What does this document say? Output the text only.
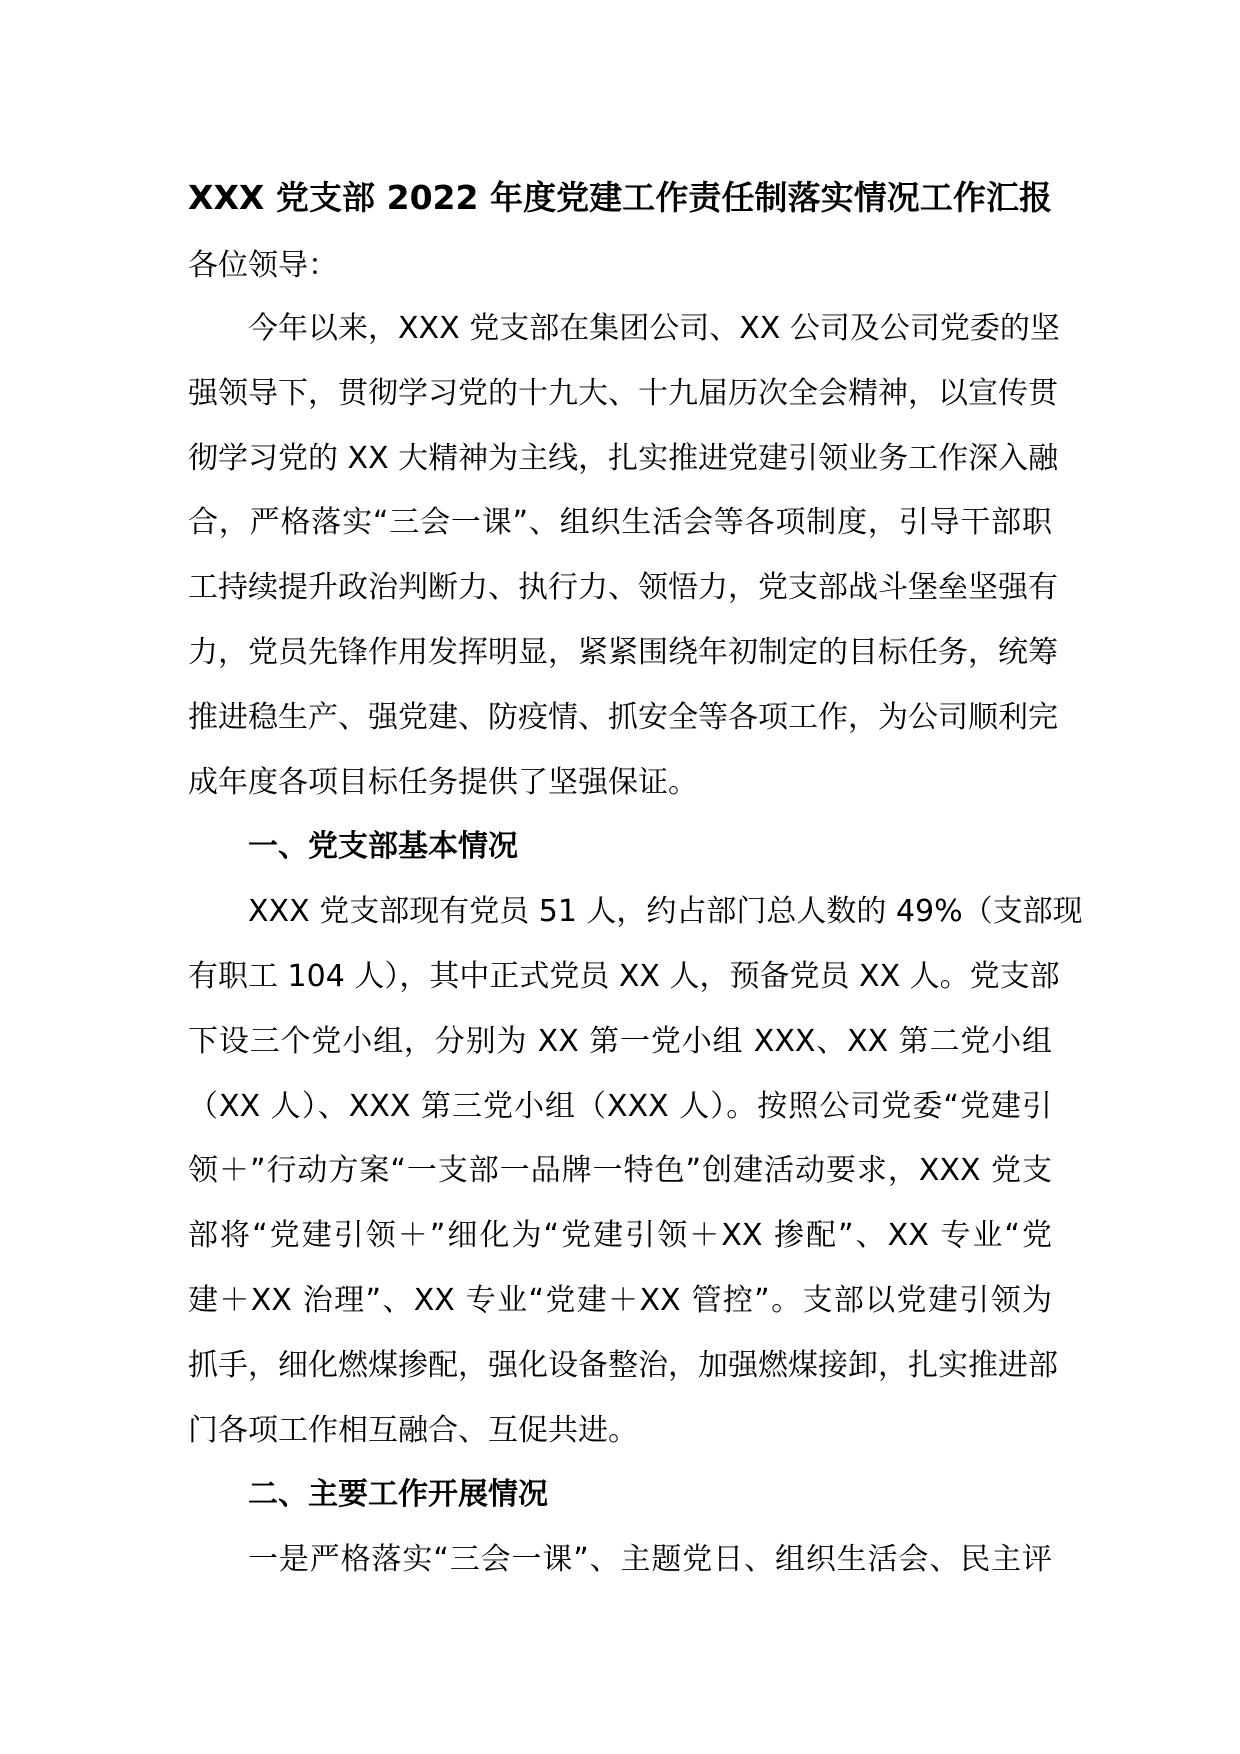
XXX 党支部 2022 年度党建工作责任制落实情况工作汇报
各位领导：
今年以来，XXX 党支部在集团公司、XX 公司及公司党委的坚
强领导下，贯彻学习党的十九大、十九届历次全会精神，以宣传贯
彻学习党的 XX 大精神为主线，扎实推进党建引领业务工作深入融
合，严格落实“三会一课”、组织生活会等各项制度，引导干部职
工持续提升政治判断力、执行力、领悟力，党支部战斗堡垒坚强有
力，党员先锋作用发挥明显，紧紧围绕年初制定的目标任务，统筹
推进稳生产、强党建、防疫情、抓安全等各项工作，为公司顺利完
成年度各项目标任务提供了坚强保证。
一、党支部基本情况
XXX 党支部现有党员 51 人，约占部门总人数的 49%（支部现
有职工 104 人），其中正式党员 XX 人，预备党员 XX 人。党支部
下设三个党小组，分别为 XX 第一党小组 XXX、XX 第二党小组
（XX 人）、XXX 第三党小组（XXX 人）。按照公司党委“党建引
领＋”行动方案“一支部一品牌一特色”创建活动要求，XXX 党支
部将“党建引领＋”细化为“党建引领＋XX 掺配”、XX 专业“党
建＋XX 治理”、XX 专业“党建＋XX 管控”。支部以党建引领为
抓手，细化燃煤掺配，强化设备整治，加强燃煤接卸，扎实推进部
门各项工作相互融合、互促共进。
二、主要工作开展情况
一是严格落实“三会一课”、主题党日、组织生活会、民主评
